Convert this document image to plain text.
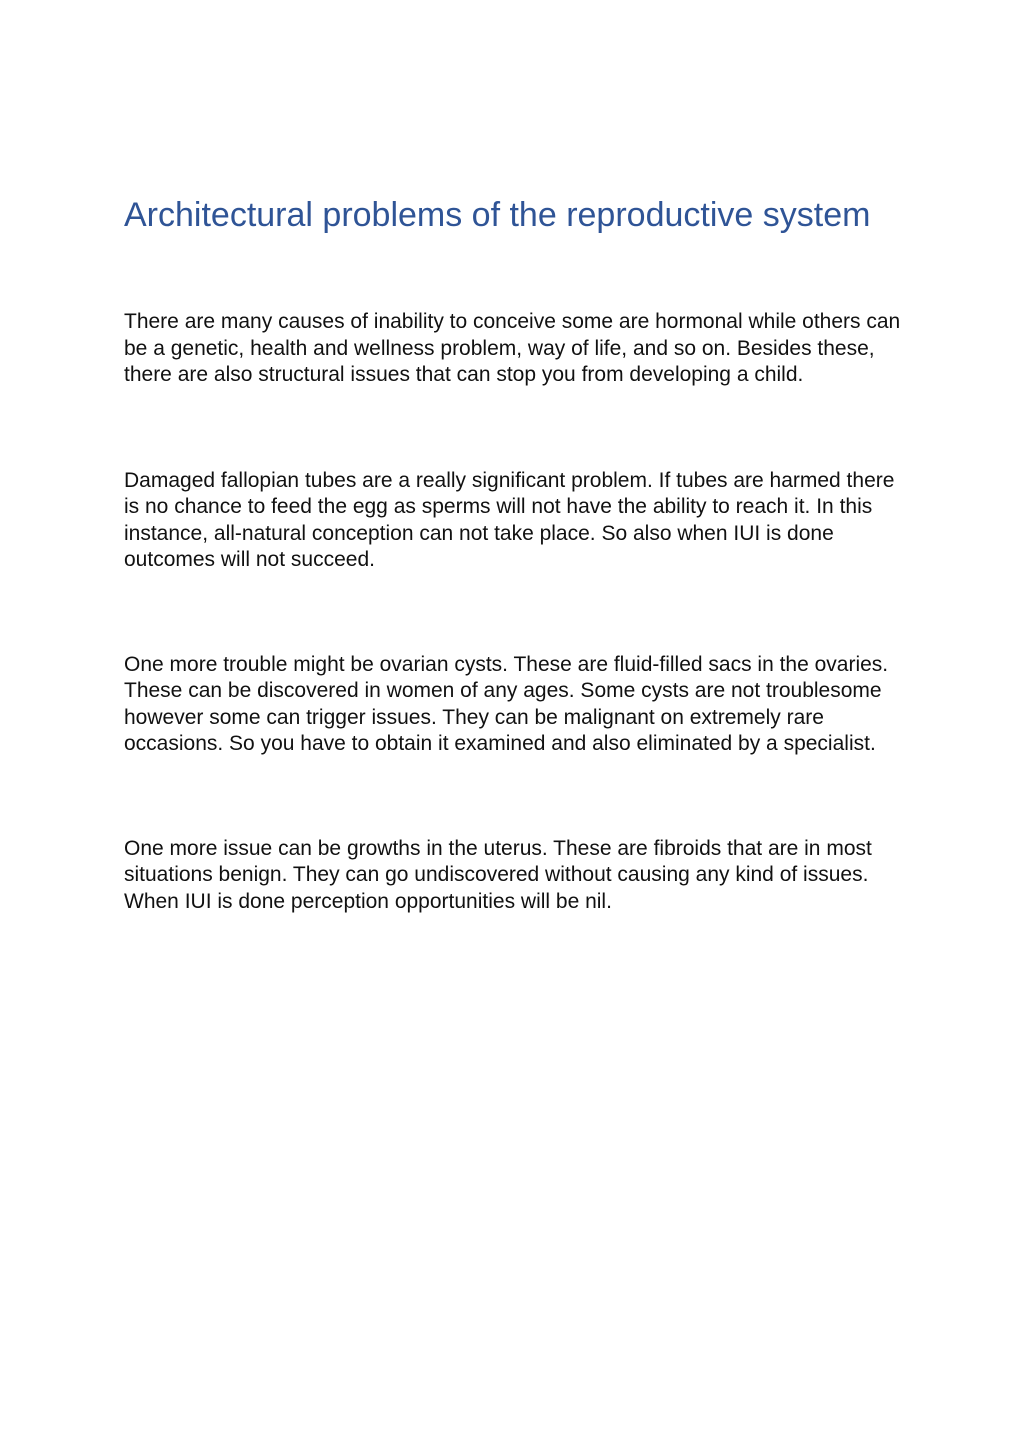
Architectural problems of the reproductive system

There are many causes of inability to conceive some are hormonal while others can be a genetic, health and wellness problem, way of life, and so on. Besides these, there are also structural issues that can stop you from developing a child.

Damaged fallopian tubes are a really significant problem. If tubes are harmed there is no chance to feed the egg as sperms will not have the ability to reach it. In this instance, all-natural conception can not take place. So also when IUI is done outcomes will not succeed.

One more trouble might be ovarian cysts. These are fluid-filled sacs in the ovaries. These can be discovered in women of any ages. Some cysts are not troublesome however some can trigger issues. They can be malignant on extremely rare occasions. So you have to obtain it examined and also eliminated by a specialist.

One more issue can be growths in the uterus. These are fibroids that are in most situations benign. They can go undiscovered without causing any kind of issues. When IUI is done perception opportunities will be nil.
